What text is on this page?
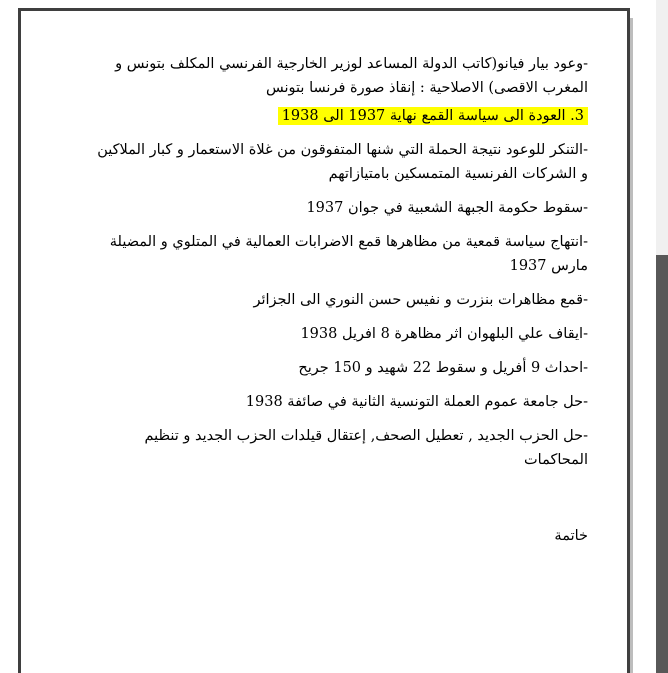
-وعود بيار فيانو(كاتب الدولة المساعد لوزير الخارجية الفرنسي المكلف بتونس و المغرب الاقصى) الاصلاحية : إنقاذ صورة فرنسا بتونس

3. العودة الى سياسة القمع نهاية 1937 الى 1938

-التنكر للوعود نتيجة الحملة التي شنها المتفوقون من غلاة الاستعمار و كبار الملاكين و الشركات الفرنسية المتمسكين بامتيازاتهم

-سقوط حكومة الجبهة الشعبية في جوان 1937

-انتهاج سياسة قمعية من مظاهرها قمع الاضرابات العمالية في المتلوي و المضيلة مارس 1937

-قمع مظاهرات بنزرت و نفيس حسن النوري الى الجزائر

-ايقاف علي البلهوان اثر مظاهرة 8 افريل 1938

-احداث 9 أفريل و سقوط 22 شهيد و 150 جريح

-حل جامعة عموم العملة التونسية الثانية في صائفة 1938

-حل الحزب الجديد , تعطيل الصحف, إعتقال قيلدات الحزب الجديد و تنظيم المحاكمات

خاتمة
